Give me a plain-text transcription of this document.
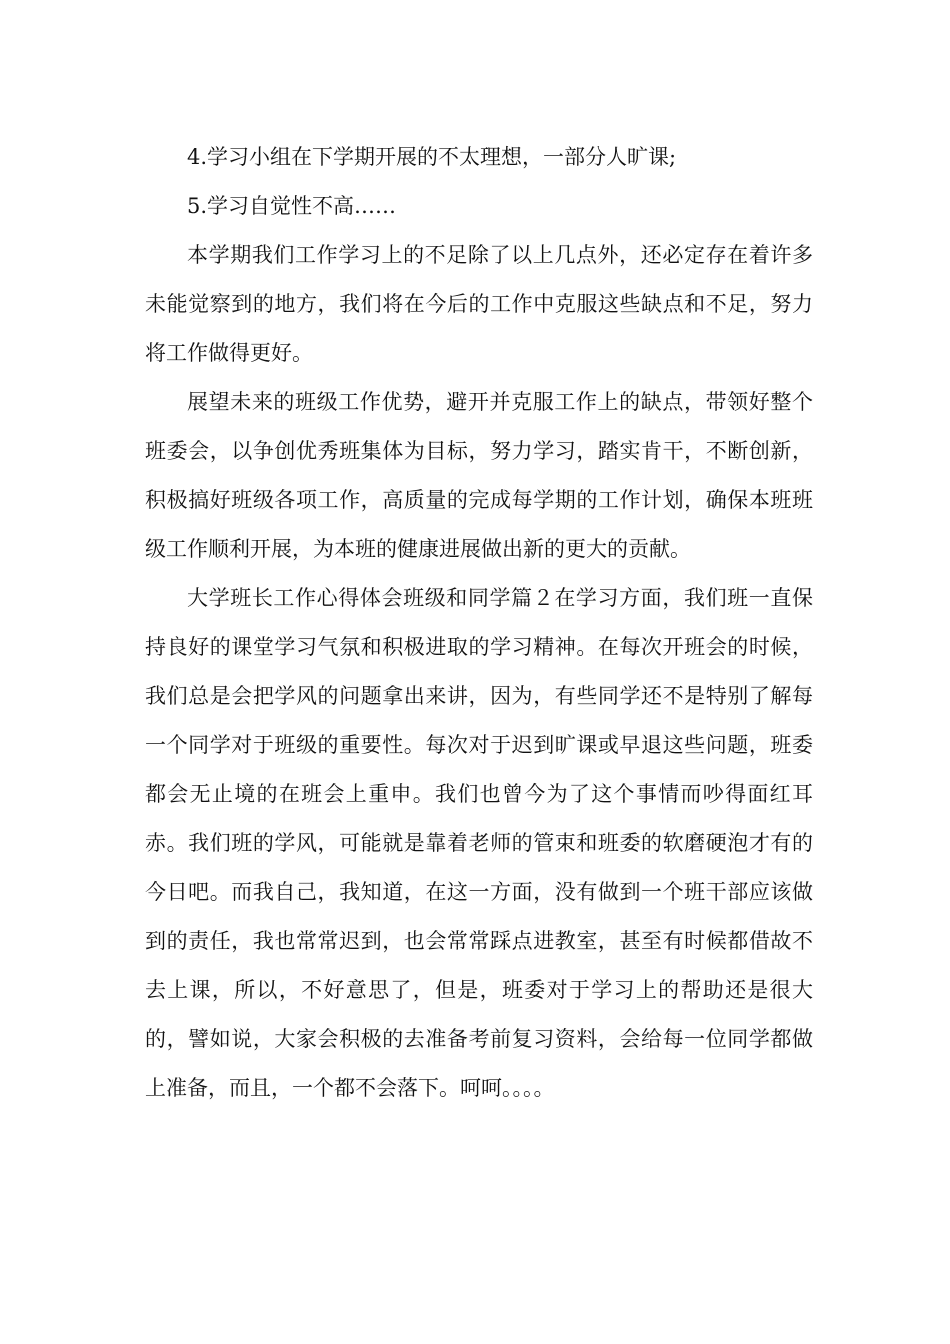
4.学习小组在下学期开展的不太理想，一部分人旷课;

5.学习自觉性不高……

本学期我们工作学习上的不足除了以上几点外，还必定存在着许多未能觉察到的地方，我们将在今后的工作中克服这些缺点和不足，努力将工作做得更好。

展望未来的班级工作优势，避开并克服工作上的缺点，带领好整个班委会，以争创优秀班集体为目标，努力学习，踏实肯干，不断创新，积极搞好班级各项工作，高质量的完成每学期的工作计划，确保本班班级工作顺利开展，为本班的健康进展做出新的更大的贡献。

大学班长工作心得体会班级和同学篇２在学习方面，我们班一直保持良好的课堂学习气氛和积极进取的学习精神。在每次开班会的时候，我们总是会把学风的问题拿出来讲，因为，有些同学还不是特别了解每一个同学对于班级的重要性。每次对于迟到旷课或早退这些问题，班委都会无止境的在班会上重申。我们也曾今为了这个事情而吵得面红耳赤。我们班的学风，可能就是靠着老师的管束和班委的软磨硬泡才有的今日吧。而我自己，我知道，在这一方面，没有做到一个班干部应该做到的责任，我也常常迟到，也会常常踩点进教室，甚至有时候都借故不去上课，所以，不好意思了，但是，班委对于学习上的帮助还是很大的，譬如说，大家会积极的去准备考前复习资料，会给每一位同学都做上准备，而且，一个都不会落下。呵呵。。。。
